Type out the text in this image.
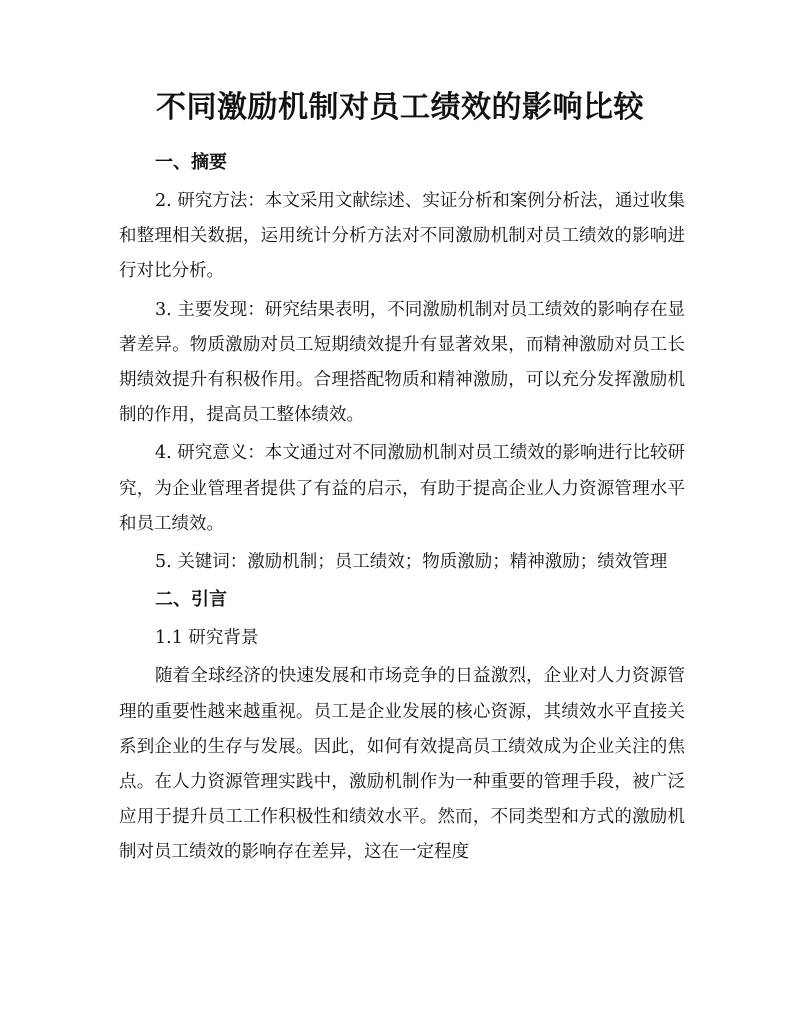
不同激励机制对员工绩效的影响比较
一、摘要

2. 研究方法：本文采用文献综述、实证分析和案例分析法，通过收集和整理相关数据，运用统计分析方法对不同激励机制对员工绩效的影响进行对比分析。

3. 主要发现：研究结果表明，不同激励机制对员工绩效的影响存在显著差异。物质激励对员工短期绩效提升有显著效果，而精神激励对员工长期绩效提升有积极作用。合理搭配物质和精神激励，可以充分发挥激励机制的作用，提高员工整体绩效。

4. 研究意义：本文通过对不同激励机制对员工绩效的影响进行比较研究，为企业管理者提供了有益的启示，有助于提高企业人力资源管理水平和员工绩效。

5. 关键词：激励机制；员工绩效；物质激励；精神激励；绩效管理

二、引言
1.1 研究背景

随着全球经济的快速发展和市场竞争的日益激烈，企业对人力资源管理的重要性越来越重视。员工是企业发展的核心资源，其绩效水平直接关系到企业的生存与发展。因此，如何有效提高员工绩效成为企业关注的焦点。在人力资源管理实践中，激励机制作为一种重要的管理手段，被广泛应用于提升员工工作积极性和绩效水平。然而，不同类型和方式的激励机制对员工绩效的影响存在差异，这在一定程度
